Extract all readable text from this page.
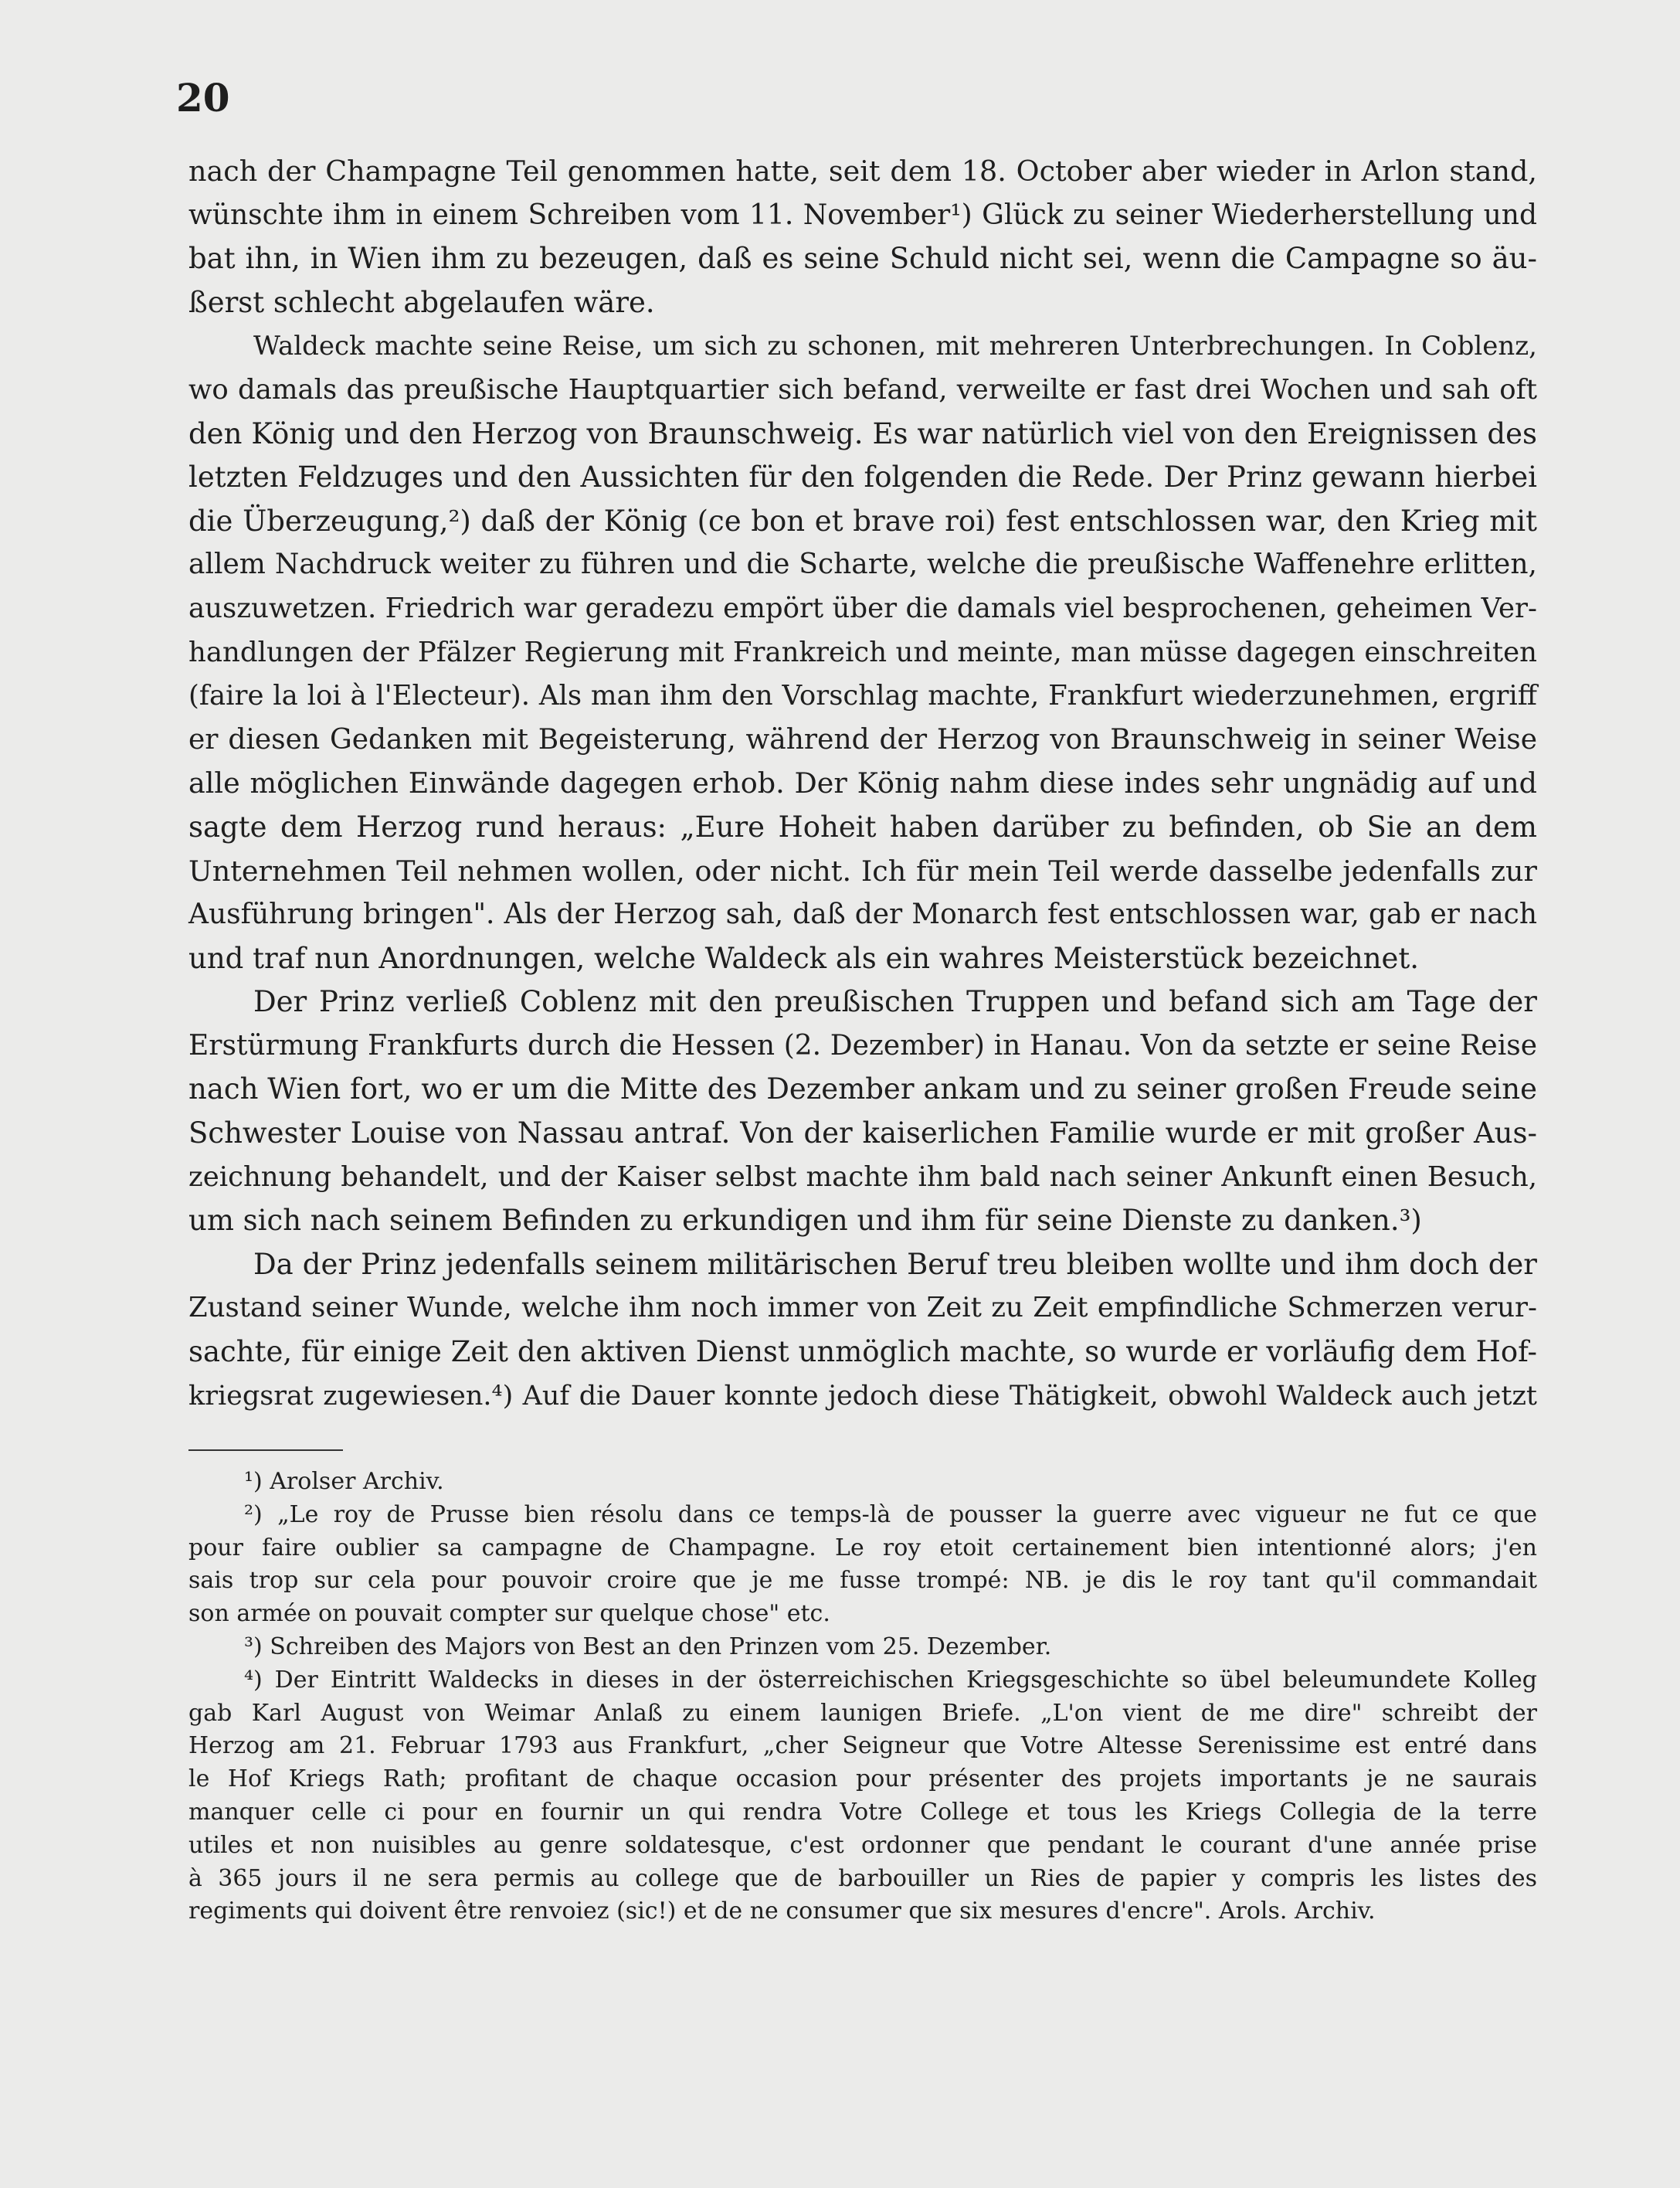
20
nach der Champagne Teil genommen hatte, seit dem 18. October aber wieder in Arlon stand,
wünschte ihm in einem Schreiben vom 11. November¹) Glück zu seiner Wiederherstellung und
bat ihn, in Wien ihm zu bezeugen, daß es seine Schuld nicht sei, wenn die Campagne so äu-
ßerst schlecht abgelaufen wäre.
Waldeck machte seine Reise, um sich zu schonen, mit mehreren Unterbrechungen. In Coblenz,
wo damals das preußische Hauptquartier sich befand, verweilte er fast drei Wochen und sah oft
den König und den Herzog von Braunschweig. Es war natürlich viel von den Ereignissen des
letzten Feldzuges und den Aussichten für den folgenden die Rede. Der Prinz gewann hierbei
die Überzeugung,²) daß der König (ce bon et brave roi) fest entschlossen war, den Krieg mit
allem Nachdruck weiter zu führen und die Scharte, welche die preußische Waffenehre erlitten,
auszuwetzen. Friedrich war geradezu empört über die damals viel besprochenen, geheimen Ver-
handlungen der Pfälzer Regierung mit Frankreich und meinte, man müsse dagegen einschreiten
(faire la loi à l'Electeur). Als man ihm den Vorschlag machte, Frankfurt wiederzunehmen, ergriff
er diesen Gedanken mit Begeisterung, während der Herzog von Braunschweig in seiner Weise
alle möglichen Einwände dagegen erhob. Der König nahm diese indes sehr ungnädig auf und
sagte dem Herzog rund heraus: „Eure Hoheit haben darüber zu befinden, ob Sie an dem
Unternehmen Teil nehmen wollen, oder nicht. Ich für mein Teil werde dasselbe jedenfalls zur
Ausführung bringen". Als der Herzog sah, daß der Monarch fest entschlossen war, gab er nach
und traf nun Anordnungen, welche Waldeck als ein wahres Meisterstück bezeichnet.
Der Prinz verließ Coblenz mit den preußischen Truppen und befand sich am Tage der
Erstürmung Frankfurts durch die Hessen (2. Dezember) in Hanau. Von da setzte er seine Reise
nach Wien fort, wo er um die Mitte des Dezember ankam und zu seiner großen Freude seine
Schwester Louise von Nassau antraf. Von der kaiserlichen Familie wurde er mit großer Aus-
zeichnung behandelt, und der Kaiser selbst machte ihm bald nach seiner Ankunft einen Besuch,
um sich nach seinem Befinden zu erkundigen und ihm für seine Dienste zu danken.³)
Da der Prinz jedenfalls seinem militärischen Beruf treu bleiben wollte und ihm doch der
Zustand seiner Wunde, welche ihm noch immer von Zeit zu Zeit empfindliche Schmerzen verur-
sachte, für einige Zeit den aktiven Dienst unmöglich machte, so wurde er vorläufig dem Hof-
kriegsrat zugewiesen.⁴) Auf die Dauer konnte jedoch diese Thätigkeit, obwohl Waldeck auch jetzt
¹) Arolser Archiv.
²) „Le roy de Prusse bien résolu dans ce temps-là de pousser la guerre avec vigueur ne fut ce que
pour faire oublier sa campagne de Champagne. Le roy etoit certainement bien intentionné alors; j'en
sais trop sur cela pour pouvoir croire que je me fusse trompé: NB. je dis le roy tant qu'il commandait
son armée on pouvait compter sur quelque chose" etc.
³) Schreiben des Majors von Best an den Prinzen vom 25. Dezember.
⁴) Der Eintritt Waldecks in dieses in der österreichischen Kriegsgeschichte so übel beleumundete Kolleg
gab Karl August von Weimar Anlaß zu einem launigen Briefe. „L'on vient de me dire" schreibt der
Herzog am 21. Februar 1793 aus Frankfurt, „cher Seigneur que Votre Altesse Serenissime est entré dans
le Hof Kriegs Rath; profitant de chaque occasion pour présenter des projets importants je ne saurais
manquer celle ci pour en fournir un qui rendra Votre College et tous les Kriegs Collegia de la terre
utiles et non nuisibles au genre soldatesque, c'est ordonner que pendant le courant d'une année prise
à 365 jours il ne sera permis au college que de barbouiller un Ries de papier y compris les listes des
regiments qui doivent être renvoiez (sic!) et de ne consumer que six mesures d'encre". Arols. Archiv.
